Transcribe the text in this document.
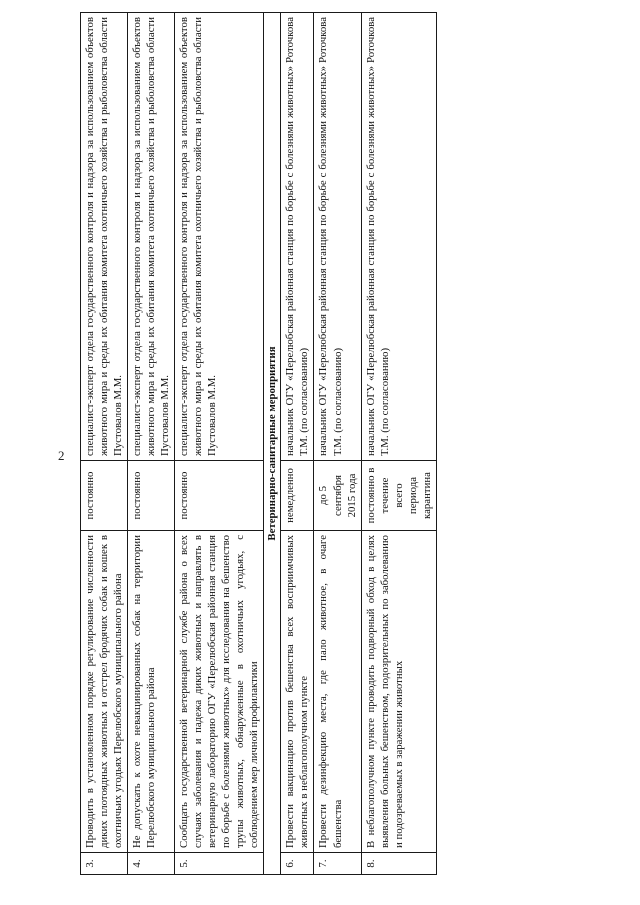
2
3.	Проводить в установленном порядке регулирование численности диких плотоядных животных и отстрел бродячих собак и кошек в охотничьих угодьях Перелюбского муниципального района	постоянно	специалист-эксперт отдела государственного контроля и надзора за использованием объектов животного мира и среды их обитания комитета охотничьего хозяйства и рыболовства области Пустовалов М.М.
4.	Не допускать к охоте невакцинированных собак на территории Перелюбского муниципального района	постоянно	специалист-эксперт отдела государственного контроля и надзора за использованием объектов животного мира и среды их обитания комитета охотничьего хозяйства и рыболовства области Пустовалов М.М.
5.	Сообщать государственной ветеринарной службе района о всех случаях заболевания и падежа диких животных и направлять в ветеринарную лабораторию ОГУ «Перелюбская районная станция по борьбе с болезнями животных» для исследования на бешенство трупы животных, обнаруженные в охотничьих угодьях, с соблюдением мер личной профилактики	постоянно	специалист-эксперт отдела государственного контроля и надзора за использованием объектов животного мира и среды их обитания комитета охотничьего хозяйства и рыболовства области Пустовалов М.М.
Ветеринарно-санитарные мероприятия			
6.	Провести вакцинацию против бешенства всех восприимчивых животных в неблагополучном пункте	немедленно	начальник ОГУ «Перелюбская районная станция по борьбе с болезнями животных» Роточкова Т.М. (по согласованию)
7.	Провести дезинфекцию места, где пало животное, в очаге бешенства	до 5 сентября 2015 года	начальник ОГУ «Перелюбская районная станция по борьбе с болезнями животных» Роточкова Т.М. (по согласованию)
8.	В неблагополучном пункте проводить подворный обход в целях выявления больных бешенством, подозрительных по заболеванию и подозреваемых в заражении животных	постоянно в течение всего периода карантина	начальник ОГУ «Перелюбская районная станция по борьбе с болезнями животных» Роточкова Т.М. (по согласованию)
